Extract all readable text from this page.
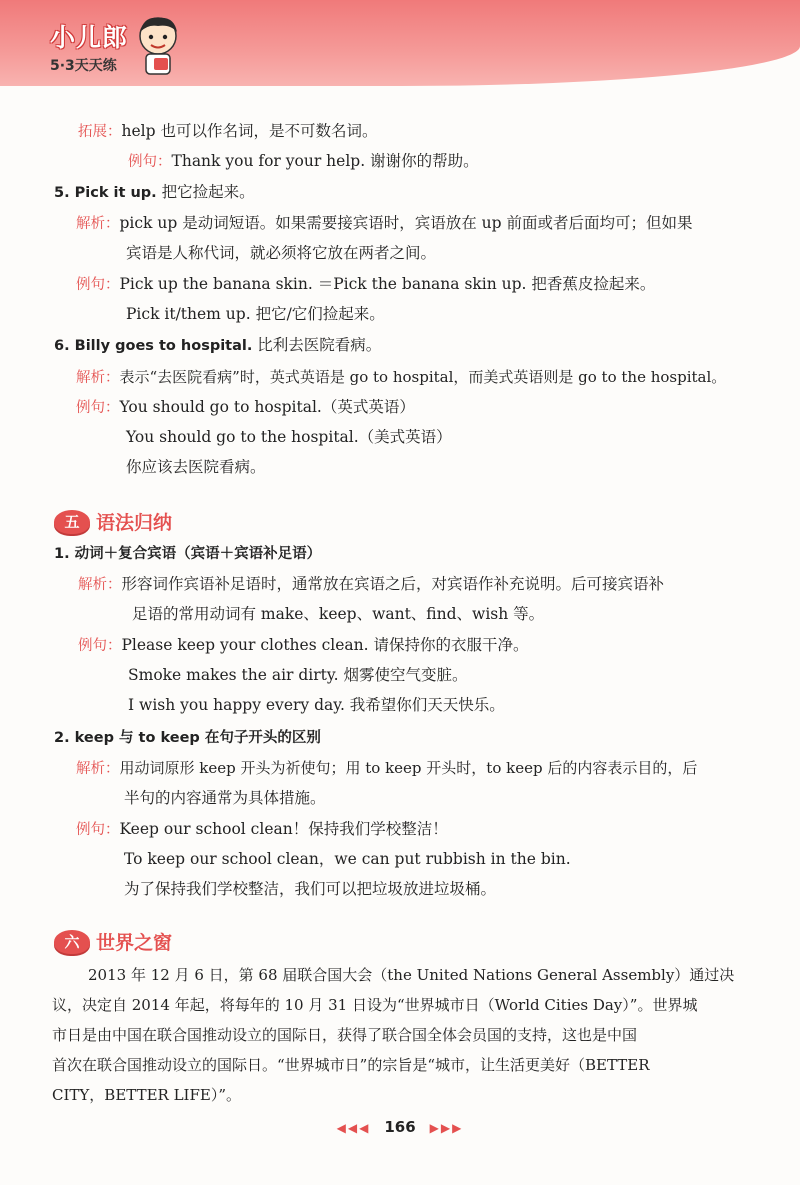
小儿郎
5·3天天练
拓展：help 也可以作名词，是不可数名词。
例句：Thank you for your help. 谢谢你的帮助。
5. Pick it up. 把它捡起来。
解析：pick up 是动词短语。如果需要接宾语时，宾语放在 up 前面或者后面均可；但如果
宾语是人称代词，就必须将它放在两者之间。
例句：Pick up the banana skin. ＝Pick the banana skin up. 把香蕉皮捡起来。
Pick it/them up. 把它/它们捡起来。
6. Billy goes to hospital. 比利去医院看病。
解析：表示“去医院看病”时，英式英语是 go to hospital，而美式英语则是 go to the hospital。
例句：You should go to hospital.（英式英语）
You should go to the hospital.（美式英语）
你应该去医院看病。
五 语法归纳
1. 动词＋复合宾语（宾语＋宾语补足语）
解析：形容词作宾语补足语时，通常放在宾语之后，对宾语作补充说明。后可接宾语补
足语的常用动词有 make、keep、want、find、wish 等。
例句：Please keep your clothes clean. 请保持你的衣服干净。
Smoke makes the air dirty. 烟雾使空气变脏。
I wish you happy every day. 我希望你们天天快乐。
2. keep 与 to keep 在句子开头的区别
解析：用动词原形 keep 开头为祈使句；用 to keep 开头时，to keep 后的内容表示目的，后
半句的内容通常为具体措施。
例句：Keep our school clean！保持我们学校整洁！
To keep our school clean，we can put rubbish in the bin.
为了保持我们学校整洁，我们可以把垃圾放进垃圾桶。
六 世界之窗
2013 年 12 月 6 日，第 68 届联合国大会（the United Nations General Assembly）通过决
议，决定自 2014 年起，将每年的 10 月 31 日设为“世界城市日（World Cities Day）”。世界城
市日是由中国在联合国推动设立的国际日，获得了联合国全体会员国的支持，这也是中国
首次在联合国推动设立的国际日。“世界城市日”的宗旨是“城市，让生活更美好（BETTER
CITY，BETTER LIFE）”。
◀◀◀ 166 ▶▶▶
